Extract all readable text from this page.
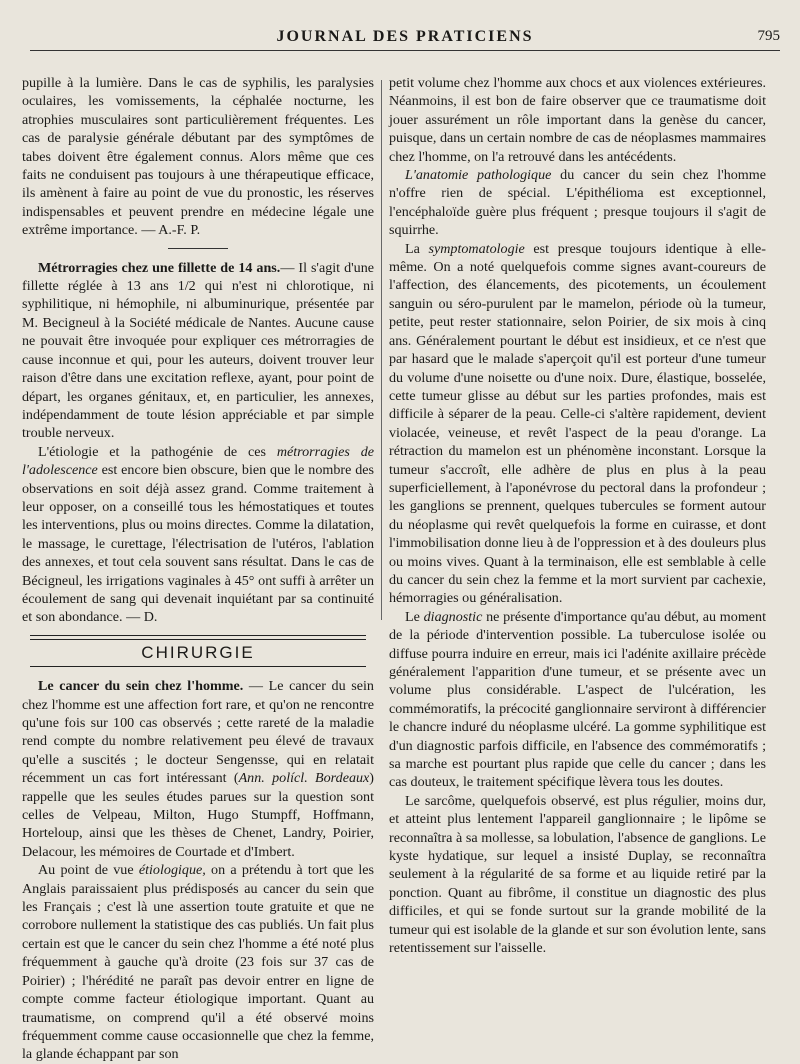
JOURNAL DES PRATICIENS	795

pupille à la lumière. Dans le cas de syphilis, les paralysies oculaires, les vomissements, la céphalée nocturne, les atrophies musculaires sont particulièrement fréquentes. Les cas de paralysie générale débutant par des symptômes de tabes doivent être également connus. Alors même que ces faits ne conduisent pas toujours à une thérapeutique efficace, ils amènent à faire au point de vue du pronostic, les réserves indispensables et peuvent prendre en médecine légale une extrême importance. — A.-F. P.

Métrorragies chez une fillette de 14 ans.— Il s'agit d'une fillette réglée à 13 ans 1/2 qui n'est ni chlorotique, ni syphilitique, ni hémophile, ni albuminurique, présentée par M. Becigneul à la Société médicale de Nantes. Aucune cause ne pouvait être invoquée pour expliquer ces métrorragies de cause inconnue et qui, pour les auteurs, doivent trouver leur raison d'être dans une excitation reflexe, ayant, pour point de départ, les organes génitaux, et, en particulier, les annexes, indépendamment de toute lésion appréciable et par simple trouble nerveux.

L'étiologie et la pathogénie de ces métrorragies de l'adolescence est encore bien obscure, bien que le nombre des observations en soit déjà assez grand. Comme traitement à leur opposer, on a conseillé tous les hémostatiques et toutes les interventions, plus ou moins directes. Comme la dilatation, le massage, le curettage, l'électrisation de l'utéros, l'ablation des annexes, et tout cela souvent sans résultat. Dans le cas de Bécigneul, les irrigations vaginales à 45° ont suffi à arrêter un écoulement de sang qui devenait inquiétant par sa continuité et son abondance. — D.

CHIRURGIE

Le cancer du sein chez l'homme. — Le cancer du sein chez l'homme est une affection fort rare, et qu'on ne rencontre qu'une fois sur 100 cas observés ; cette rareté de la maladie rend compte du nombre relativement peu élevé de travaux qu'elle a suscités ; le docteur Sengensse, qui en relatait récemment un cas fort intéressant (Ann. polícl. Bordeaux) rappelle que les seules études parues sur la question sont celles de Velpeau, Milton, Hugo Stumpff, Hoffmann, Horteloup, ainsi que les thèses de Chenet, Landry, Poirier, Delacour, les mémoires de Courtade et d'Imbert.

Au point de vue étiologique, on a prétendu à tort que les Anglais paraissaient plus prédisposés au cancer du sein que les Français ; c'est là une assertion toute gratuite et que ne corrobore nullement la statistique des cas publiés. Un fait plus certain est que le cancer du sein chez l'homme a été noté plus fréquemment à gauche qu'à droite (23 fois sur 37 cas de Poirier) ; l'hérédité ne paraît pas devoir entrer en ligne de compte comme facteur étiologique important. Quant au traumatisme, on comprend qu'il a été observé moins fréquemment comme cause occasionnelle que chez la femme, la glande échappant par son

petit volume chez l'homme aux chocs et aux violences extérieures. Néanmoins, il est bon de faire observer que ce traumatisme doit jouer assurément un rôle important dans la genèse du cancer, puisque, dans un certain nombre de cas de néoplasmes mammaires chez l'homme, on l'a retrouvé dans les antécédents.

L'anatomie pathologique du cancer du sein chez l'homme n'offre rien de spécial. L'épithélioma est exceptionnel, l'encéphaloïde guère plus fréquent ; presque toujours il s'agit de squirrhe.

La symptomatologie est presque toujours identique à elle-même. On a noté quelquefois comme signes avant-coureurs de l'affection, des élancements, des picotements, un écoulement sanguin ou séro-purulent par le mamelon, période où la tumeur, petite, peut rester stationnaire, selon Poirier, de six mois à cinq ans. Généralement pourtant le début est insidieux, et ce n'est que par hasard que le malade s'aperçoit qu'il est porteur d'une tumeur du volume d'une noisette ou d'une noix. Dure, élastique, bosselée, cette tumeur glisse au début sur les parties profondes, mais est difficile à séparer de la peau. Celle-ci s'altère rapidement, devient violacée, veineuse, et revêt l'aspect de la peau d'orange. La rétraction du mamelon est un phénomène inconstant. Lorsque la tumeur s'accroît, elle adhère de plus en plus à la peau superficiellement, à l'aponévrose du pectoral dans la profondeur ; les ganglions se prennent, quelques tubercules se forment autour du néoplasme qui revêt quelquefois la forme en cuirasse, et dont l'immobilisation donne lieu à de l'oppression et à des douleurs plus ou moins vives. Quant à la terminaison, elle est semblable à celle du cancer du sein chez la femme et la mort survient par cachexie, hémorragies ou généralisation.

Le diagnostic ne présente d'importance qu'au début, au moment de la période d'intervention possible. La tuberculose isolée ou diffuse pourra induire en erreur, mais ici l'adénite axillaire précède généralement l'apparition d'une tumeur, et se présente avec un volume plus considérable. L'aspect de l'ulcération, les commémoratifs, la précocité ganglionnaire serviront à différencier le chancre induré du néoplasme ulcéré. La gomme syphilitique est d'un diagnostic parfois difficile, en l'absence des commémoratifs ; sa marche est pourtant plus rapide que celle du cancer ; dans les cas douteux, le traitement spécifique lèvera tous les doutes.

Le sarcôme, quelquefois observé, est plus régulier, moins dur, et atteint plus lentement l'appareil ganglionnaire ; le lipôme se reconnaîtra à sa mollesse, sa lobulation, l'absence de ganglions. Le kyste hydatique, sur lequel a insisté Duplay, se reconnaîtra seulement à la régularité de sa forme et au liquide retiré par la ponction. Quant au fibrôme, il constitue un diagnostic des plus difficiles, et qui se fonde surtout sur la grande mobilité de la tumeur qui est isolable de la glande et sur son évolution lente, sans retentissement sur l'aisselle.
